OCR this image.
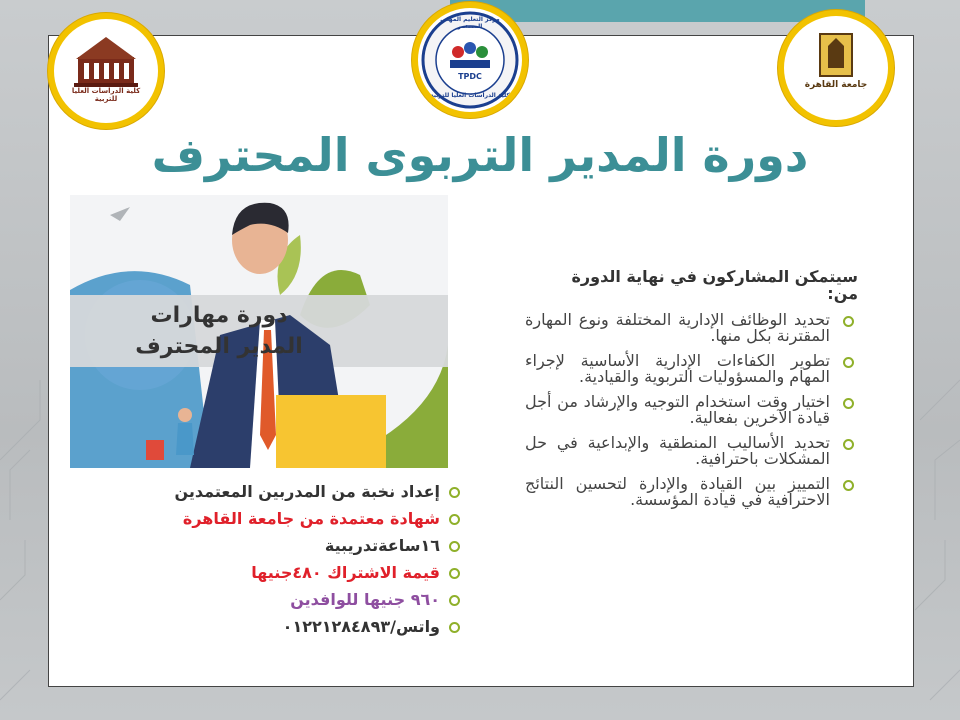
كلية الدراسات العليا للتربية
مركز التعليم المهني المستمر
TPDC
كلية الدراسات العليا للتربية
جامعة القاهرة
دورة المدير التربوى المحترف
دورة مهارات
المدير المحترف
إعداد نخبة من المدربين المعتمدين
شهادة معتمدة من جامعة القاهرة
١٦ساعةتدريبية
قيمة الاشتراك ٤٨٠جنيها
٩٦٠ جنيها للوافدين
واتس/٠١٢٢١٢٨٤٨٩٣

سيتمكن المشاركون في نهاية الدورة من:

تحديد الوظائف الإدارية المختلفة ونوع المهارة المقترنة بكل منها.
تطوير الكفاءات الإدارية الأساسية لإجراء المهام والمسؤوليات التربوية والقيادية.
اختيار وقت استخدام التوجيه والإرشاد من أجل قيادة الآخرين بفعالية.
تحديد الأساليب المنطقية والإبداعية في حل المشكلات باحترافية.
التمييز بين القيادة والإدارة لتحسين النتائج الاحترافية في قيادة المؤسسة.
